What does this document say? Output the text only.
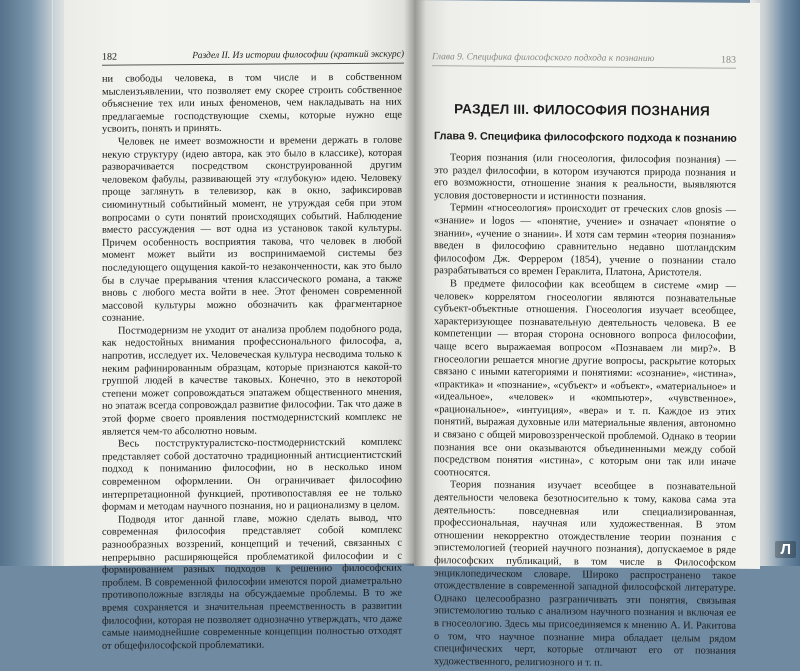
182	Раздел II. Из истории философии (краткий экскурс)

ни свободы человека, в том числе и в собственном мыслеизъявлении, что позволяет ему скорее строить собственное объяснение тех или иных феноменов, чем накладывать на них предлагаемые господствующие схемы, которые нужно еще усвоить, понять и принять.

Человек не имеет возможности и времени держать в голове некую структуру (идею автора, как это было в классике), которая разворачивается посредством сконструированной другим человеком фабулы, развивающей эту «глубокую» идею. Человеку проще заглянуть в телевизор, как в окно, зафиксировав сиюминутный событийный момент, не утруждая себя при этом вопросами о сути понятий происходящих событий. Наблюдение вместо рассуждения — вот одна из установок такой культуры. Причем особенность восприятия такова, что человек в любой момент может выйти из воспринимаемой системы без последующего ощущения какой-то незаконченности, как это было бы в случае прерывания чтения классического романа, а также вновь с любого места войти в нее. Этот феномен современной массовой культуры можно обозначить как фрагментарное сознание.

Постмодернизм не уходит от анализа проблем подобного рода, как недостойных внимания профессионального философа, а, напротив, исследует их. Человеческая культура несводима только к неким рафинированным образцам, которые признаются какой-то группой людей в качестве таковых. Конечно, это в некоторой степени может сопровождаться эпатажем общественного мнения, но эпатаж всегда сопровождал развитие философии. Так что даже в этой форме своего проявления постмодернистский комплекс не является чем-то абсолютно новым.

Весь постструктуралистско-постмодернистский комплекс представляет собой достаточно традиционный антисциентистский подход к пониманию философии, но в несколько ином современном оформлении. Он ограничивает философию интерпретационной функцией, противопоставляя ее не только формам и методам научного познания, но и рационализму в целом.

Подводя итог данной главе, можно сделать вывод, что современная философия представляет собой комплекс разнообразных воззрений, концепций и течений, связанных с непрерывно расширяющейся проблематикой философии и с формированием разных подходов к решению философских проблем. В современной философии имеются порой диаметрально противоположные взгляды на обсуждаемые проблемы. В то же время сохраняется и значительная преемственность в развитии философии, которая не позволяет однозначно утверждать, что даже самые наимоднейшие современные концепции полностью отходят от общефилософской проблематики.

Глава 9. Специфика философского подхода к познанию	183
РАЗДЕЛ III. ФИЛОСОФИЯ ПОЗНАНИЯ
Глава 9. Специфика философского подхода к познанию

Теория познания (или гносеология, философия познания) — это раздел философии, в котором изучаются природа познания и его возможности, отношение знания к реальности, выявляются условия достоверности и истинности познания.

Термин «гносеология» происходит от греческих слов gnosis — «знание» и logos — «понятие, учение» и означает «понятие о знании», «учение о знании». И хотя сам термин «теория познания» введен в философию сравнительно недавно шотландским философом Дж. Феррером (1854), учение о познании стало разрабатываться со времен Гераклита, Платона, Аристотеля.

В предмете философии как всеобщем в системе «мир — человек» коррелятом гносеологии являются познавательные субъект-объектные отношения. Гносеология изучает всеобщее, характеризующее познавательную деятельность человека. В ее компетенции — вторая сторона основного вопроса философии, чаще всего выражаемая вопросом «Познаваем ли мир?». В гносеологии решается многие другие вопросы, раскрытие которых связано с иными категориями и понятиями: «сознание», «истина», «практика» и «познание», «субъект» и «объект», «материальное» и «идеальное», «человек» и «компьютер», «чувственное», «рациональное», «интуиция», «вера» и т. п. Каждое из этих понятий, выражая духовные или материальные явления, автономно и связано с общей мировоззренческой проблемой. Однако в теории познания все они оказываются объединенными между собой посредством понятия «истина», с которым они так или иначе соотносятся.

Теория познания изучает всеобщее в познавательной деятельности человека безотносительно к тому, какова сама эта деятельность: повседневная или специализированная, профессиональная, научная или художественная. В этом отношении некорректно отождествление теории познания с эпистемологией (теорией научного познания), допускаемое в ряде философских публикаций, в том числе в Философском энциклопедическом словаре. Широко распространено такое отождествление в современной западной философской литературе. Однако целесообразно разграничивать эти понятия, связывая эпистемологию только с анализом научного познания и включая ее в гносеологию. Здесь мы присоединяемся к мнению А. И. Ракитова о том, что научное познание мира обладает целым рядом специфических черт, которые отличают его от познания художественного, религиозного и т. п.

Л
